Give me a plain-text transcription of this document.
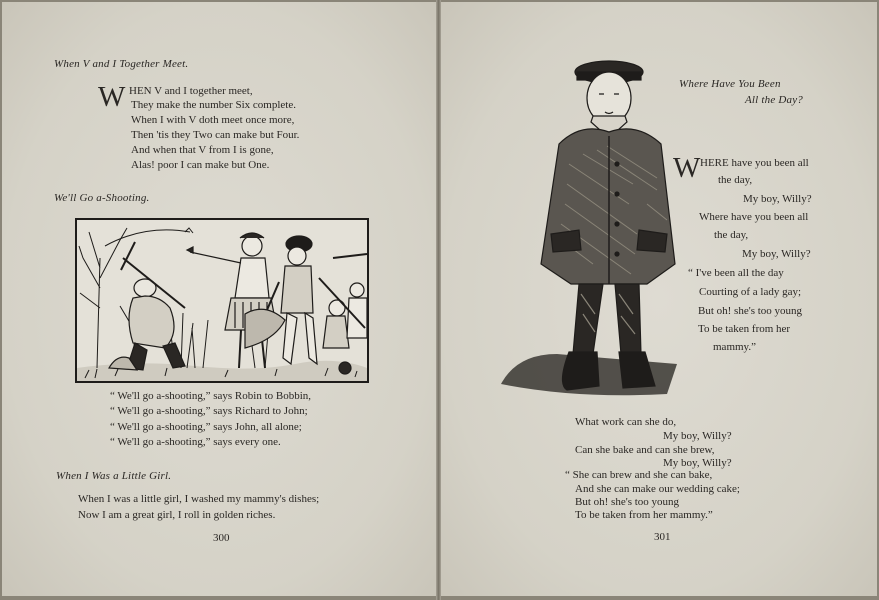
When V and I Together Meet.
W HEN V and I together meet,
They make the number Six complete.
When I with V doth meet once more,
Then 'tis they Two can make but Four.
And when that V from I is gone,
Alas! poor I can make but One.
We'll Go a-Shooting.
“ We'll go a-shooting,” says Robin to Bobbin,
“ We'll go a-shooting,” says Richard to John;
“ We'll go a-shooting,” says John, all alone;
“ We'll go a-shooting,” says every one.
When I Was a Little Girl.
When I was a little girl, I washed my mammy's dishes;
Now I am a great girl, I roll in golden riches.
300
Where Have You Been
All the Day?
W HERE have you been all
the day,
My boy, Willy?
Where have you been all
the day,
My boy, Willy?
“ I've been all the day
Courting of a lady gay;
But oh! she's too young
To be taken from her
mammy.”
What work can she do,
My boy, Willy?
Can she bake and can she brew,
My boy, Willy?
“ She can brew and she can bake,
And she can make our wedding cake;
But oh! she's too young
To be taken from her mammy.”
301
